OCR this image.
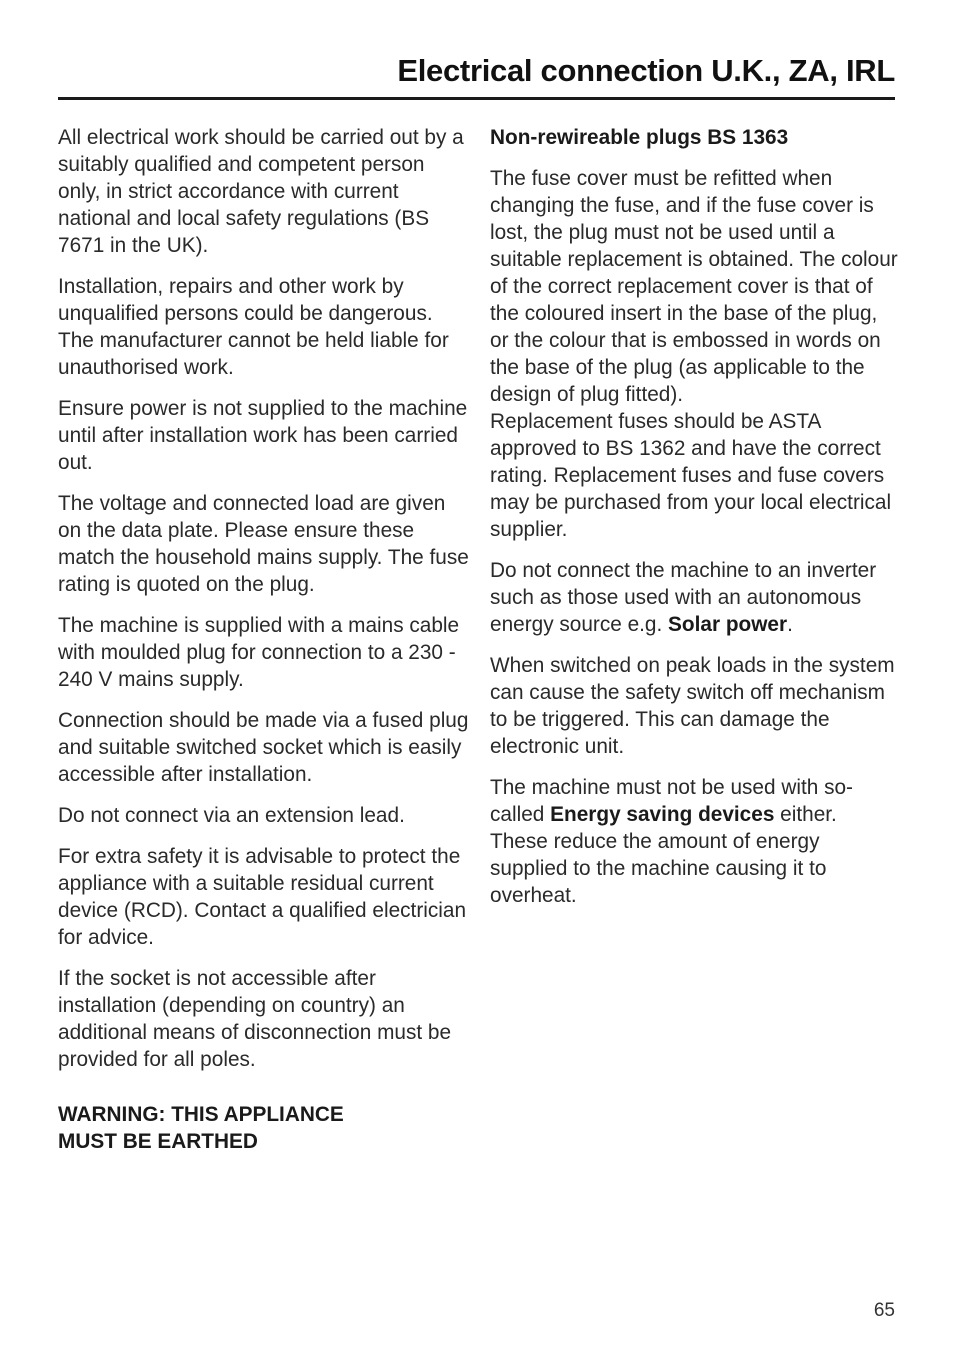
Electrical connection U.K., ZA, IRL

All electrical work should be carried out by a suitably qualified and competent person only, in strict accordance with current national and local safety regulations (BS 7671 in the UK).

Installation, repairs and other work by unqualified persons could be dangerous. The manufacturer cannot be held liable for unauthorised work.

Ensure power is not supplied to the machine until after installation work has been carried out.

The voltage and connected load are given on the data plate. Please ensure these match the household mains supply. The fuse rating is quoted on the plug.

The machine is supplied with a mains cable with moulded plug for connection to a 230 - 240 V mains supply.

Connection should be made via a fused plug and suitable switched socket which is easily accessible after installation.

Do not connect via an extension lead.

For extra safety it is advisable to protect the appliance with a suitable residual current device (RCD). Contact a qualified electrician for advice.

If the socket is not accessible after installation (depending on country) an additional means of disconnection must be provided for all poles.

WARNING: THIS APPLIANCE
MUST BE EARTHED

Non-rewireable plugs BS 1363

The fuse cover must be refitted when changing the fuse, and if the fuse cover is lost, the plug must not be used until a suitable replacement is obtained. The colour of the correct replacement cover is that of the coloured insert in the base of the plug, or the colour that is embossed in words on the base of the plug (as applicable to the design of plug fitted).

Replacement fuses should be ASTA approved to BS 1362 and have the correct rating. Replacement fuses and fuse covers may be purchased from your local electrical supplier.

Do not connect the machine to an inverter such as those used with an autonomous energy source e.g. Solar power.

When switched on peak loads in the system can cause the safety switch off mechanism to be triggered. This can damage the electronic unit.

The machine must not be used with so-called Energy saving devices either. These reduce the amount of energy supplied to the machine causing it to overheat.

65
